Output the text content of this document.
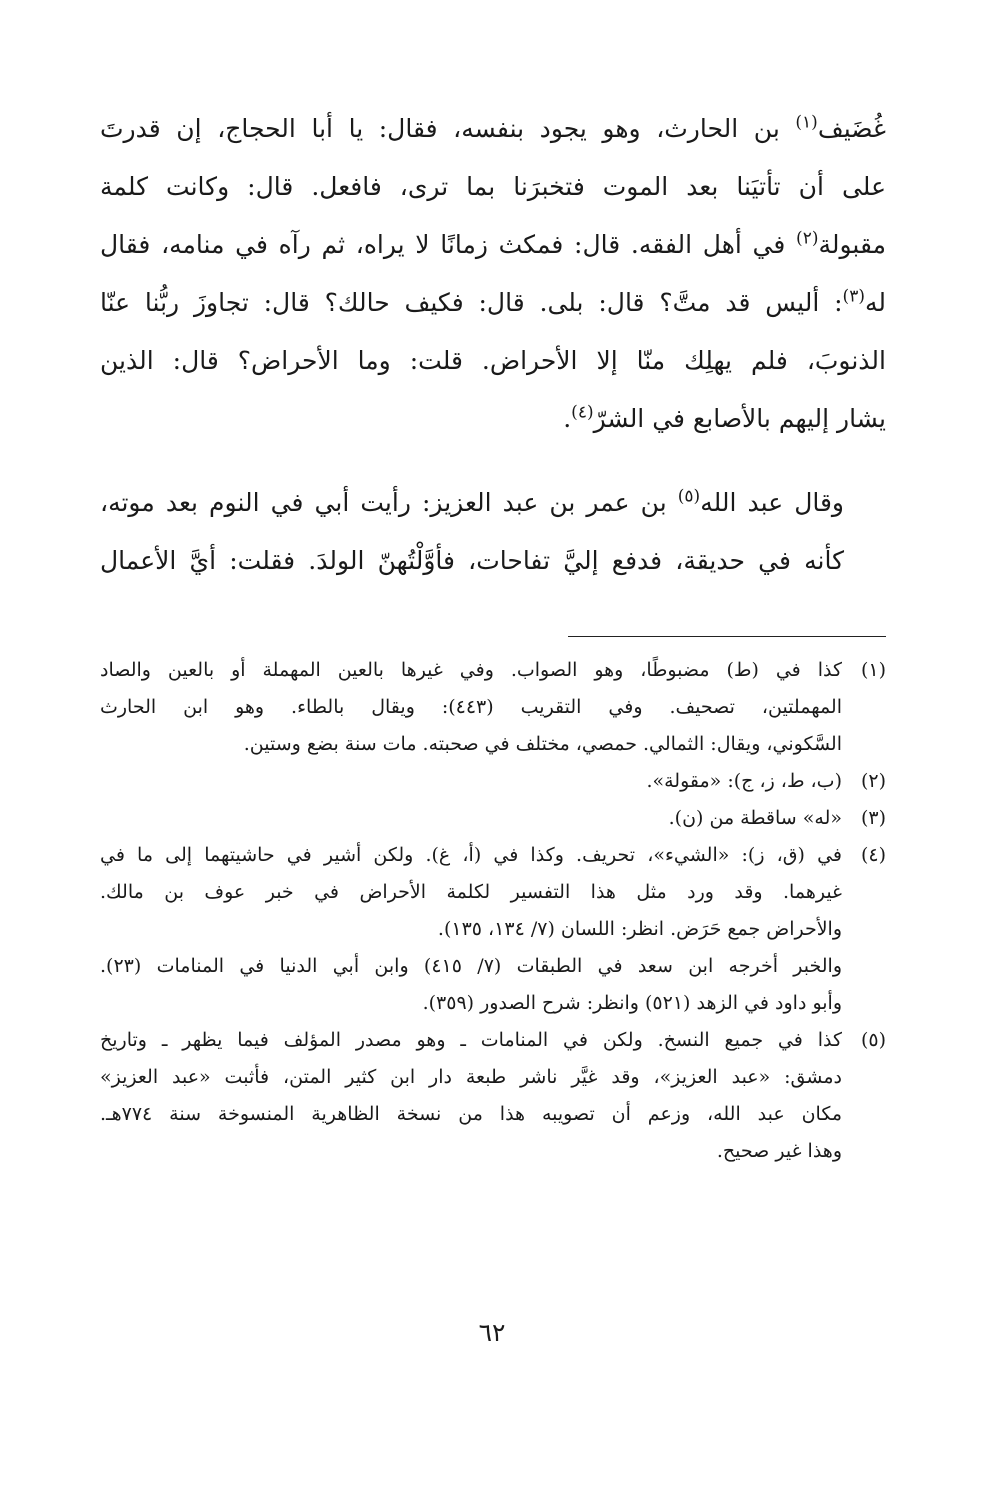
غُضَيف$^{(١)}$ بن الحارث، وهو يجود بنفسه، فقال: يا أبا الحجاج، إن قدرتَ
على أن تأتيَنا بعد الموت فتخبرَنا بما ترى، فافعل. قال: وكانت كلمة
مقبولة$^{(٢)}$ في أهل الفقه. قال: فمكث زمانًا لا يراه، ثم رآه في منامه، فقال
له$^{(٣)}$: أليس قد متَّ؟ قال: بلى. قال: فكيف حالك؟ قال: تجاوزَ ربُّنا عنّا
الذنوبَ، فلم يهلِك منّا إلا الأحراض. قلت: وما الأحراض؟ قال: الذين
يشار إليهم بالأصابع في الشرّ$^{(٤)}$.

وقال عبد الله$^{(٥)}$ بن عمر بن عبد العزيز: رأيت أبي في النوم بعد موته،
كأنه في حديقة، فدفع إليَّ تفاحات، فأوَّلْتُهنّ الولدَ. فقلت: أيَّ الأعمال

(١)
كذا في (ط) مضبوطًا، وهو الصواب. وفي غيرها بالعين المهملة أو بالعين والصاد
المهملتين، تصحيف. وفي التقريب (٤٤٣): ويقال بالطاء. وهو ابن الحارث
السَّكوني، ويقال: الثمالي. حمصي، مختلف في صحبته. مات سنة بضع وستين.
(٢)
(ب، ط، ز، ج): «مقولة».
(٣)
«له» ساقطة من (ن).
(٤)
في (ق، ز): «الشيء»، تحريف. وكذا في (أ، غ). ولكن أشير في حاشيتهما إلى ما في
غيرهما. وقد ورد مثل هذا التفسير لكلمة الأحراض في خبر عوف بن مالك.
والأحراض جمع حَرَض. انظر: اللسان (٧/ ١٣٤، ١٣٥).
والخبر أخرجه ابن سعد في الطبقات (٧/ ٤١٥) وابن أبي الدنيا في المنامات (٢٣).
وأبو داود في الزهد (٥٢١) وانظر: شرح الصدور (٣٥٩).
(٥)
كذا في جميع النسخ. ولكن في المنامات ـ وهو مصدر المؤلف فيما يظهر ـ وتاريخ
دمشق: «عبد العزيز»، وقد غيَّر ناشر طبعة دار ابن كثير المتن، فأثبت «عبد العزيز»
مكان عبد الله، وزعم أن تصويبه هذا من نسخة الظاهرية المنسوخة سنة ٧٧٤هـ.
وهذا غير صحيح.
٦٢
